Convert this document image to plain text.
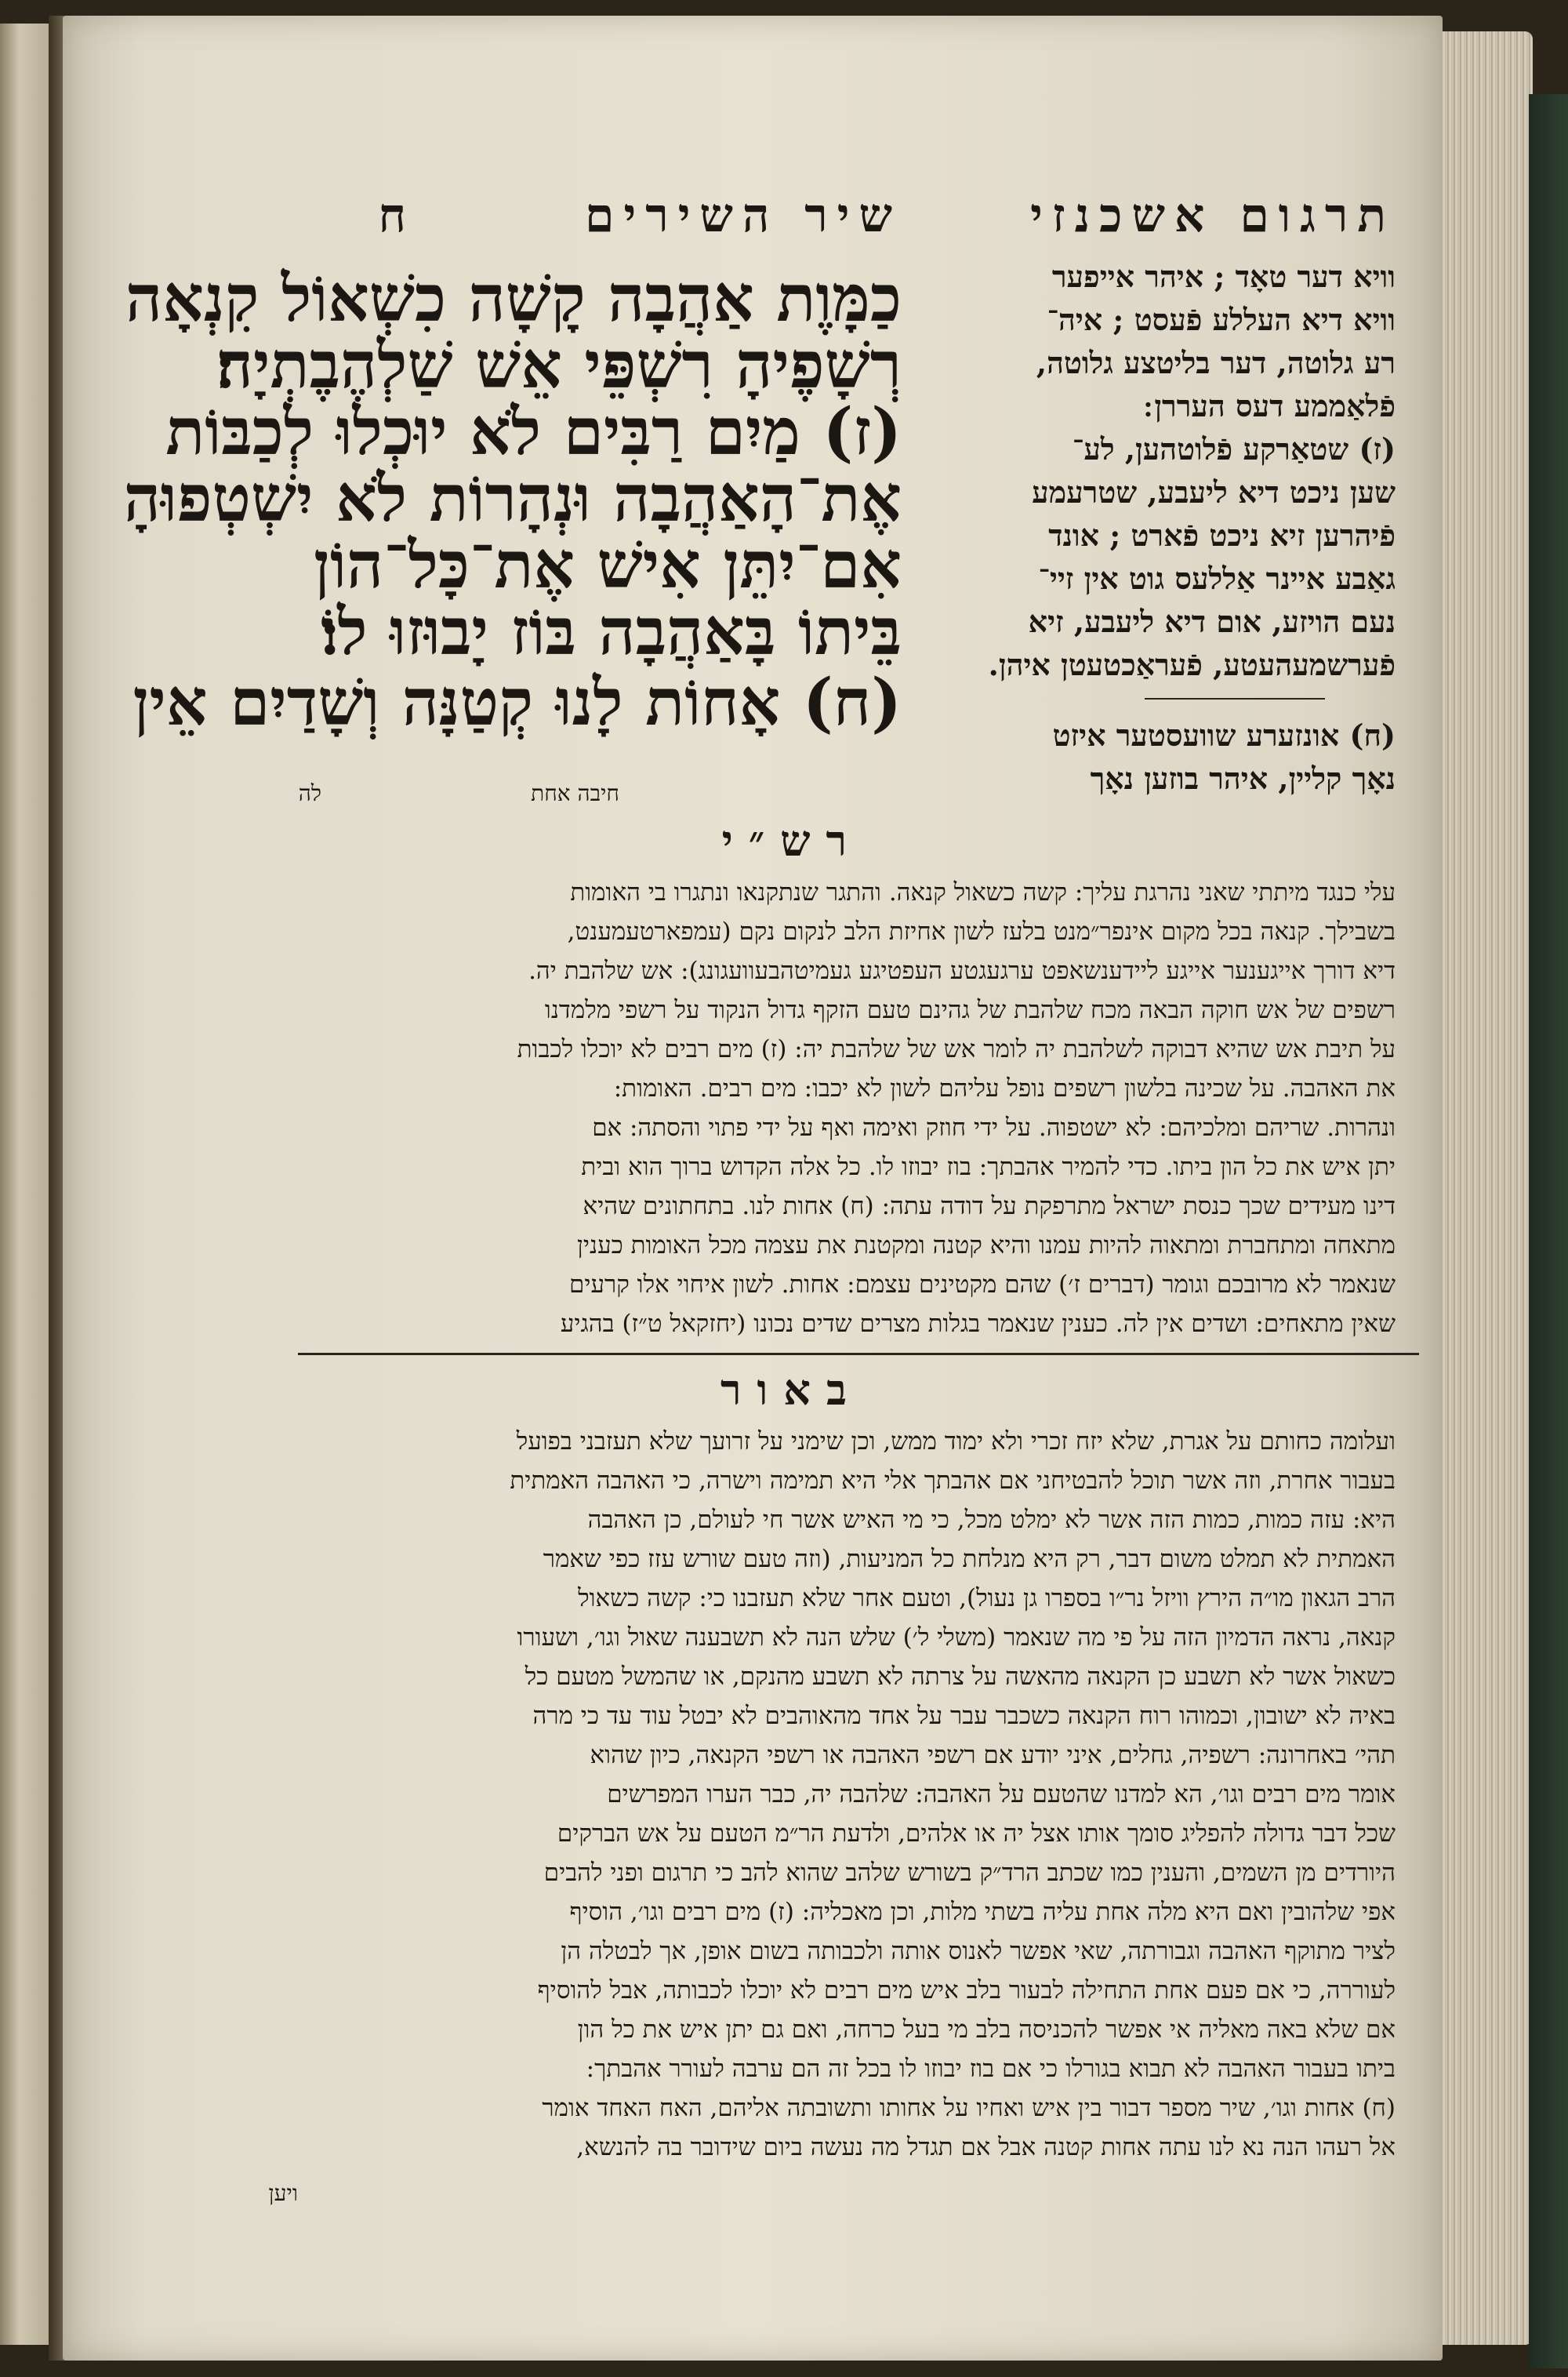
תרגום אשכנזי

שיר השירים

ח

כַמָּוֶת אַהֲבָה קָשָׁה כִשְׁאוֹל קִנְאָה

רְשָׁפֶיהָ רִשְׁפֵּי אֵשׁ שַׁלְהֶבֶתְיָה׃

(ז) מַיִם רַבִּים לֹא יוּכְלוּ לְכַבּוֹת

אֶת־הָאַהֲבָה וּנְהָרוֹת לֹא יִשְׁטְפוּהָ

אִם־יִתֵּן אִישׁ אֶת־כָּל־הוֹן

בֵּיתוֹ בָּאַהֲבָה בּוֹז יָבוּזוּ לוֹ׃

(ח) אָחוֹת לָנוּ קְטַנָּה וְשָׁדַיִם אֵין

חיבה אחת

לה

וויא דער טאָד ; איהר אייפער

וויא דיא העללע פֿעסט ; איה־

רע גלוטה, דער בליטצע גלוטה,

פֿלאַממע דעס העררן ׃

(ז) שטאַרקע פֿלוטהען, לע־

שען ניכט דיא ליעבע, שטרעמע

פֿיהרען זיא ניכט פֿארט ; אונד

גאַבע איינר אַללעס גוט אין זיי־

נעם הויזע, אום דיא ליעבע, זיא

פֿערשמעהעטע, פֿעראַכטעטן איהן.

(ח) אונזערע שוועסטער איזט

נאָך קליין, איהר בוזען נאָך

רש״י

עלי כנגד מיתתי שאני נהרגת עליך: קשה כשאול קנאה. והתגר שנתקנאו ונתגרו בי האומות

בשבילך. קנאה בכל מקום אינפר״מנט בלעז לשון אחיזת הלב לנקום נקם (עמפארטעמענט,

דיא דורך אייגענער אייגע ליידענשאפט ערגעגטע העפטיגע געמיטהבעוועגונג): אש שלהבת יה.

רשפים של אש חוקה הבאה מכח שלהבת של גהינם טעם הזקף גדול הנקוד על רשפי מלמדנו

על תיבת אש שהיא דבוקה לשלהבת יה לומר אש של שלהבת יה: (ז) מים רבים לא יוכלו לכבות

את האהבה. על שכינה בלשון רשפים נופל עליהם לשון לא יכבו: מים רבים. האומות:

ונהרות. שריהם ומלכיהם: לא ישטפוה. על ידי חוזק ואימה ואף על ידי פתוי והסתה: אם

יתן איש את כל הון ביתו. כדי להמיר אהבתך: בוז יבוזו לו. כל אלה הקדוש ברוך הוא ובית

דינו מעידים שכך כנסת ישראל מתרפקת על דודה עתה: (ח) אחות לנו. בתחתונים שהיא

מתאחה ומתחברת ומתאוה להיות עמנו והיא קטנה ומקטנת את עצמה מכל האומות כענין

שנאמר לא מרובכם וגומר (דברים ז׳) שהם מקטינים עצמם: אחות. לשון איחוי אלו קרעים

שאין מתאחים: ושדים אין לה. כענין שנאמר בגלות מצרים שדים נכונו (יחזקאל ט״ז) בהגיע

באור

ועלומה כחותם על אגרת, שלא יזח זכרי ולא ימוד ממש, וכן שימני על זרועך שלא תעזבני בפועל

בעבור אחרת, וזה אשר תוכל להבטיחני אם אהבתך אלי היא תמימה וישרה, כי האהבה האמתית

היא: עזה כמות, כמות הזה אשר לא ימלט מכל, כי מי האיש אשר חי לעולם, כן האהבה

האמתית לא תמלט משום דבר, רק היא מנלחת כל המניעות, (וזה טעם שורש עזז כפי שאמר

הרב הגאון מו״ה הירץ וויזל נר״ו בספרו גן נעול), וטעם אחר שלא תעזבנו כי: קשה כשאול

קנאה, נראה הדמיון הזה על פי מה שנאמר (משלי ל׳) שלש הנה לא תשבענה שאול וגו׳, ושעורו

כשאול אשר לא תשבע כן הקנאה מהאשה על צרתה לא תשבע מהנקם, או שהמשל מטעם כל

באיה לא ישובון, וכמוהו רוח הקנאה כשכבר עבר על אחד מהאוהבים לא יבטל עוד עד כי מרה

תהי׳ באחרונה: רשפיה, גחלים, איני יודע אם רשפי האהבה או רשפי הקנאה, כיון שהוא

אומר מים רבים וגו׳, הא למדנו שהטעם על האהבה: שלהבה יה, כבר הערו המפרשים

שכל דבר גדולה להפליג סומך אותו אצל יה או אלהים, ולדעת הר״מ הטעם על אש הברקים

היורדים מן השמים, והענין כמו שכתב הרד״ק בשורש שלהב שהוא להב כי תרגום ופני להבים

אפי שלהובין ואם היא מלה אחת עליה בשתי מלות, וכן מאכליה: (ז) מים רבים וגו׳, הוסיף

לציר מתוקף האהבה וגבורתה, שאי אפשר לאנוס אותה ולכבותה בשום אופן, אך לבטלה הן

לעוררה, כי אם פעם אחת התחילה לבעור בלב איש מים רבים לא יוכלו לכבותה, אבל להוסיף

אם שלא באה מאליה אי אפשר להכניסה בלב מי בעל כרחה, ואם גם יתן איש את כל הון

ביתו בעבור האהבה לא תבוא בגורלו כי אם בוז יבוזו לו בכל זה הם ערבה לעורר אהבתך:

(ח) אחות וגו׳, שיר מספר דבור בין איש ואחיו על אחותו ותשובתה אליהם, האח האחד אומר

אל רעהו הנה נא לנו עתה אחות קטנה אבל אם תגדל מה נעשה ביום שידובר בה להנשא,

ויען
